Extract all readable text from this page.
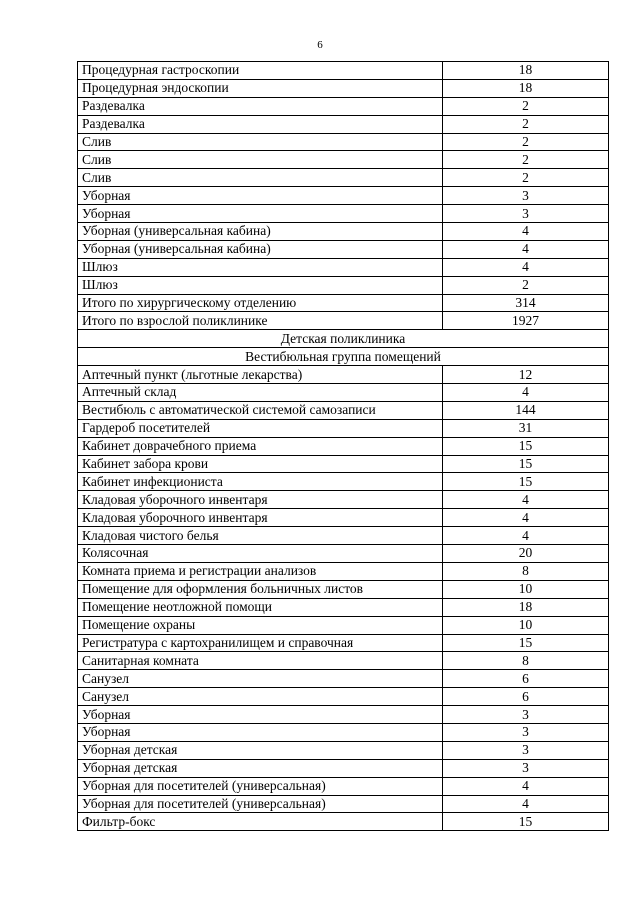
6
Процедурная гастроскопии	18
Процедурная эндоскопии	18
Раздевалка	2
Раздевалка	2
Слив	2
Слив	2
Слив	2
Уборная	3
Уборная	3
Уборная (универсальная кабина)	4
Уборная (универсальная кабина)	4
Шлюз	4
Шлюз	2
Итого по хирургическому отделению	314
Итого по взрослой поликлинике	1927
Детская поликлиника	
Вестибюльная группа помещений	
Аптечный пункт (льготные лекарства)	12
Аптечный склад	4
Вестибюль с автоматической системой самозаписи	144
Гардероб посетителей	31
Кабинет доврачебного приема	15
Кабинет забора крови	15
Кабинет инфекциониста	15
Кладовая уборочного инвентаря	4
Кладовая уборочного инвентаря	4
Кладовая чистого белья	4
Колясочная	20
Комната приема и регистрации анализов	8
Помещение для оформления больничных листов	10
Помещение неотложной помощи	18
Помещение охраны	10
Регистратура с картохранилищем и справочная	15
Санитарная комната	8
Санузел	6
Санузел	6
Уборная	3
Уборная	3
Уборная детская	3
Уборная детская	3
Уборная для посетителей (универсальная)	4
Уборная для посетителей (универсальная)	4
Фильтр-бокс	15
